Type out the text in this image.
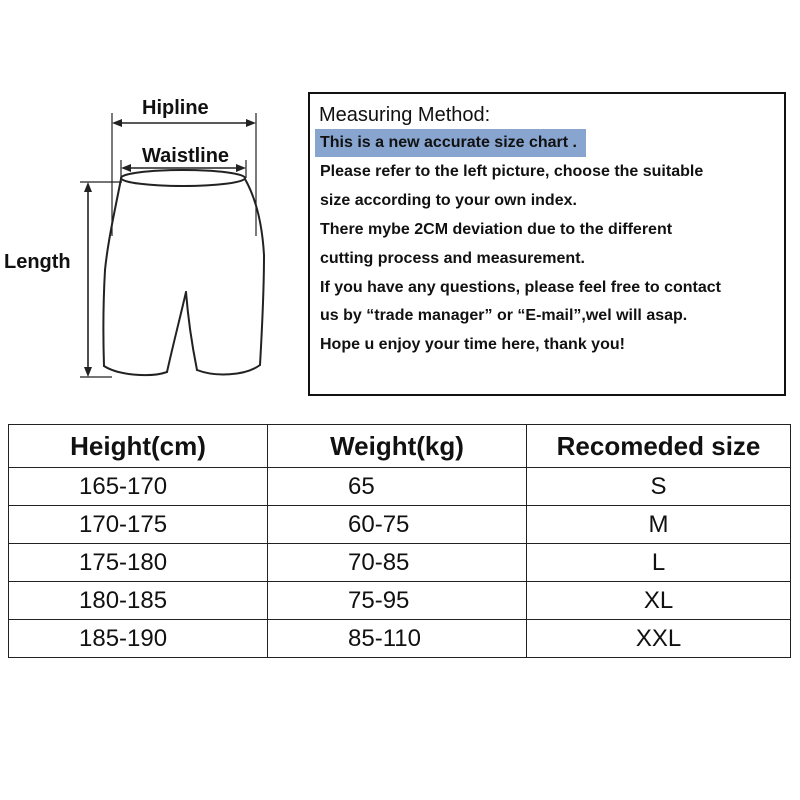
Hipline
Waistline
Length
Measuring Method:
This is a new accurate size chart .
Please refer to the left picture, choose the suitable
size according to your own index.
There mybe 2CM deviation due to the different
cutting process and measurement.
If you have any questions, please feel free to contact
us by “trade manager” or “E-mail”,wel will asap.
Hope u enjoy your time here, thank you!
Height(cm)	Weight(kg)	Recomeded size
165-170	65	S
170-175	60-75	M
175-180	70-85	L
180-185	75-95	XL
185-190	85-110	XXL
